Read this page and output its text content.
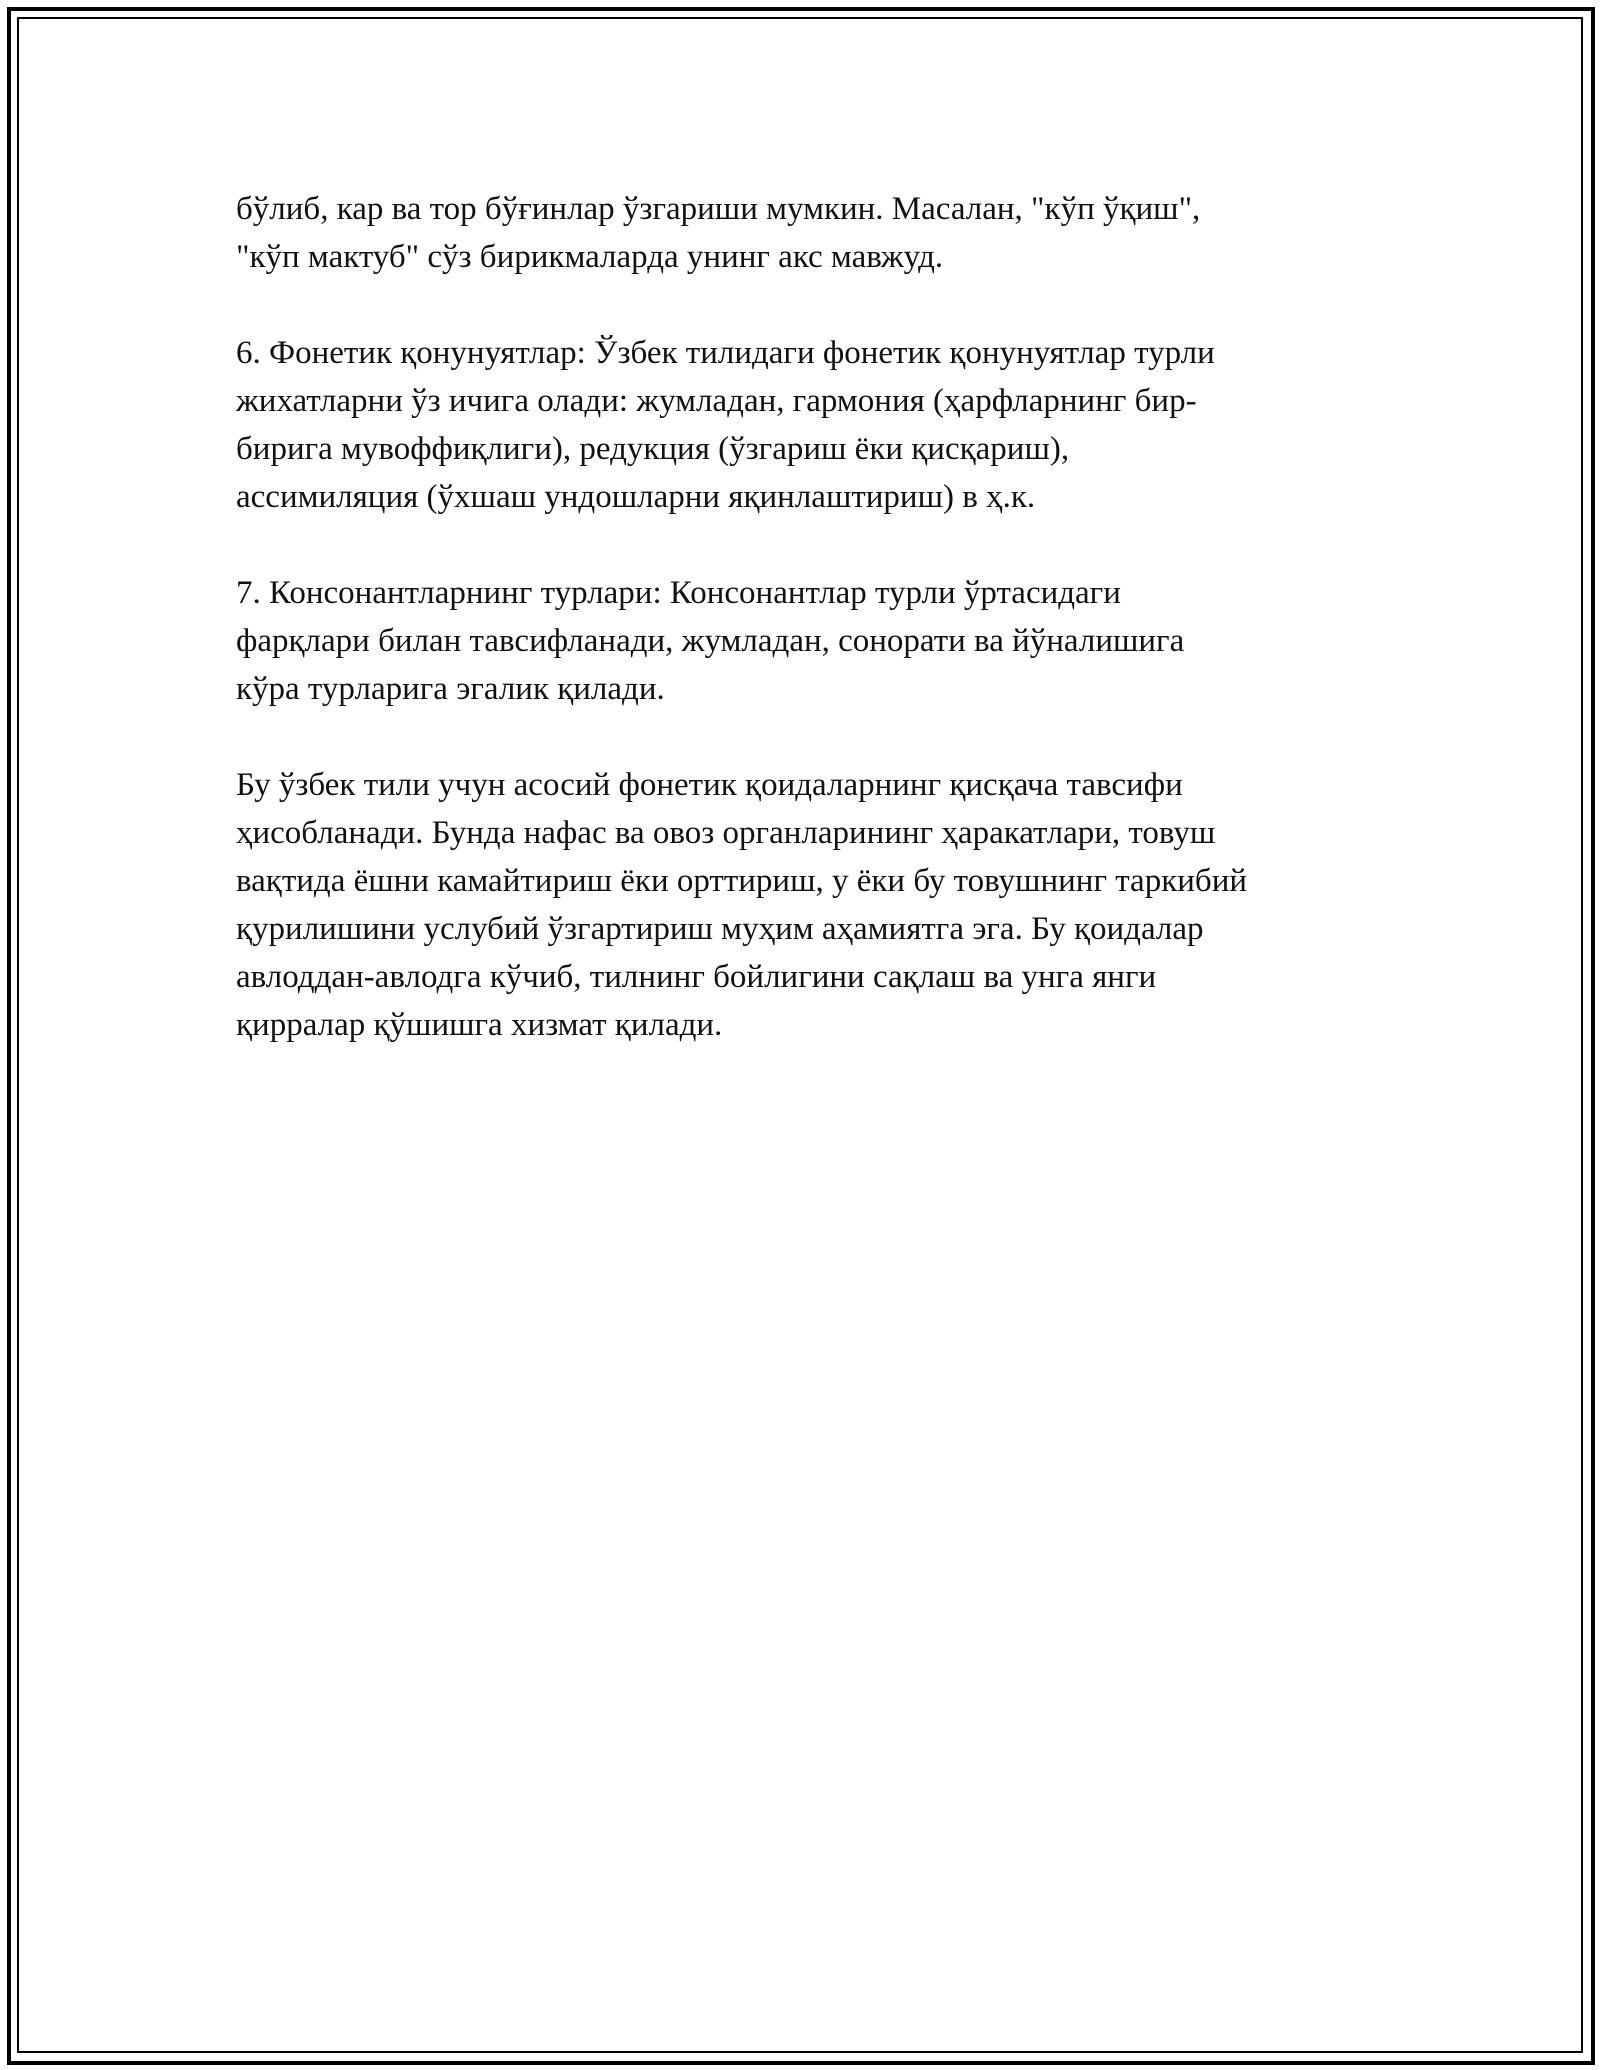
бўлиб, кар ва тор бўғинлар ўзгариши мумкин. Масалан, "кўп ўқиш",
"кўп мактуб" сўз бирикмаларда унинг акс мавжуд.

6. Фонетик қонунуятлар: Ўзбек тилидаги фонетик қонунуятлар турли
жихатларни ўз ичига олади: жумладан, гармония (ҳарфларнинг бир-
бирига мувоффиқлиги), редукция (ўзгариш ёки қисқариш),
ассимиляция (ўхшаш ундошларни яқинлаштириш) в ҳ.к.

7. Консонантларнинг турлари: Консонантлар турли ўртасидаги
фарқлари билан тавсифланади, жумладан, сонорати ва йўналишига
кўра турларига эгалик қилади.

Бу ўзбек тили учун асосий фонетик қоидаларнинг қисқача тавсифи
ҳисобланади. Бунда нафас ва овоз органларининг ҳаракатлари, товуш
вақтида ёшни камайтириш ёки орттириш, у ёки бу товушнинг таркибий
қурилишини услубий ўзгартириш муҳим аҳамиятга эга. Бу қоидалар
авлоддан-авлодга кўчиб, тилнинг бойлигини сақлаш ва унга янги
қирралар қўшишга хизмат қилади.
